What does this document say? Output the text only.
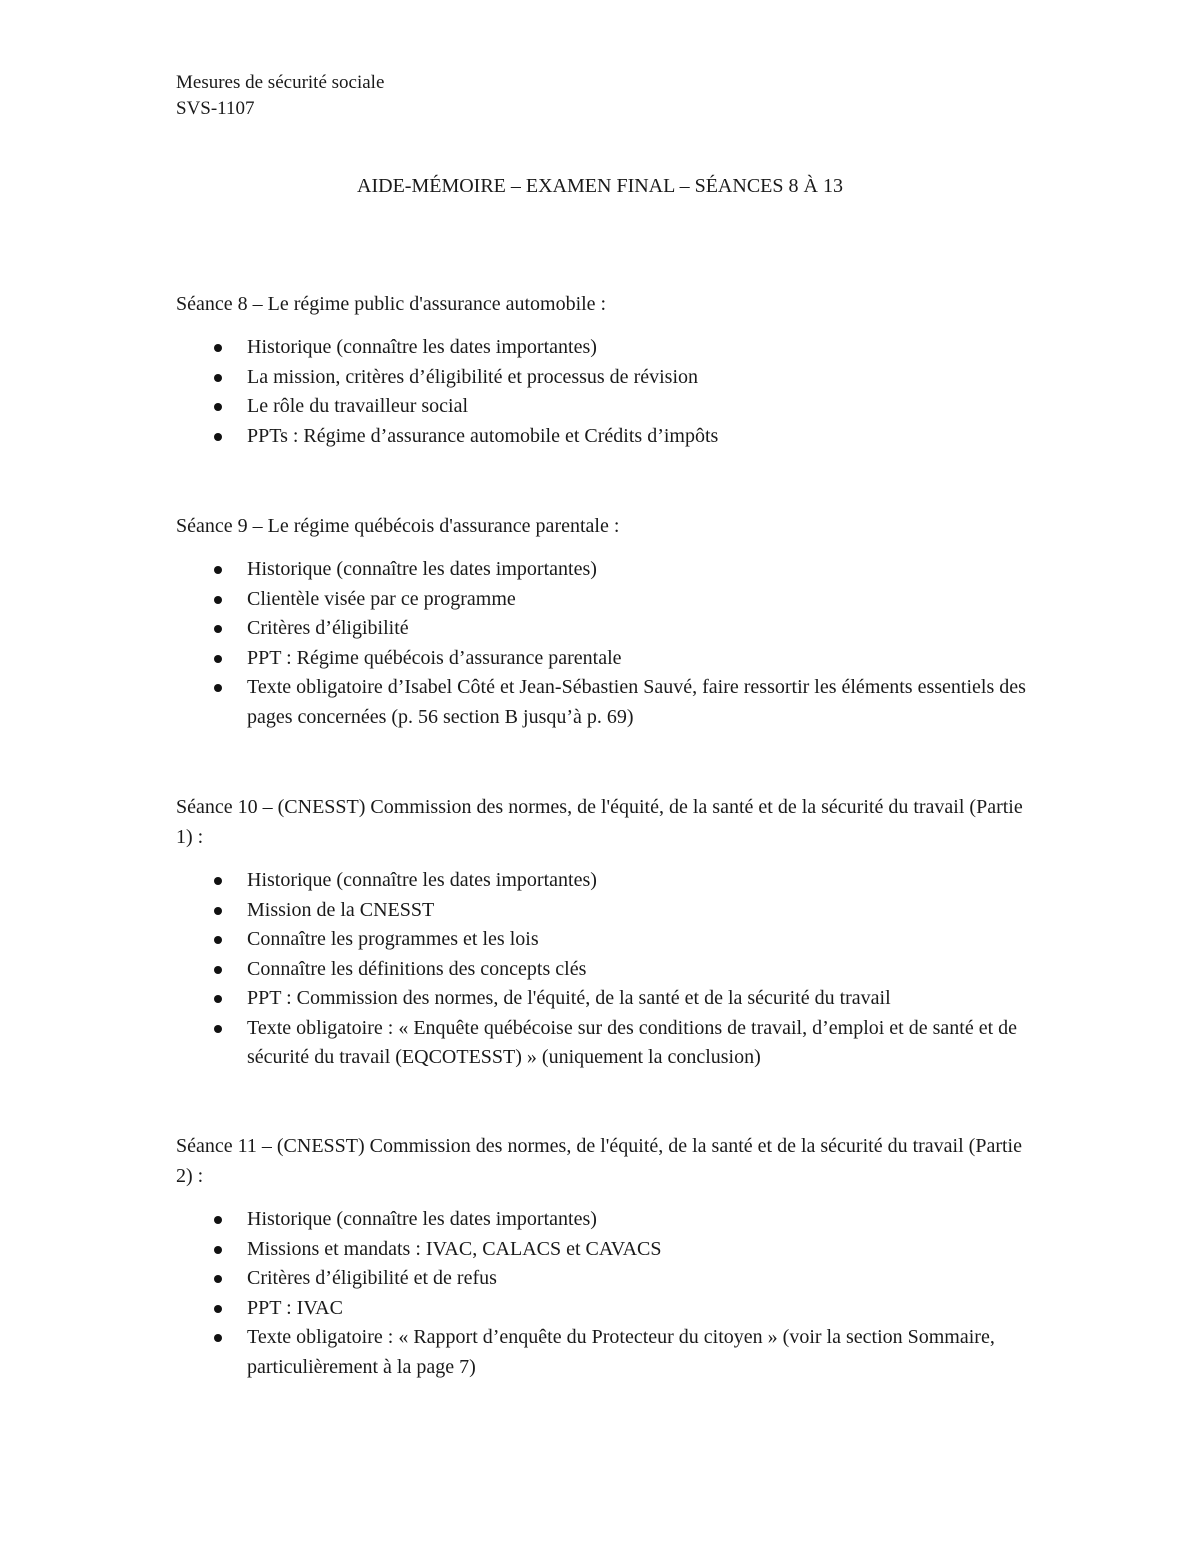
Mesures de sécurité sociale
SVS-1107
AIDE-MÉMOIRE – EXAMEN FINAL – SÉANCES 8 À 13
Séance 8 – Le régime public d'assurance automobile :
Historique (connaître les dates importantes)
La mission, critères d’éligibilité et processus de révision
Le rôle du travailleur social
PPTs : Régime d’assurance automobile et Crédits d’impôts
Séance 9 – Le régime québécois d'assurance parentale :
Historique (connaître les dates importantes)
Clientèle visée par ce programme
Critères d’éligibilité
PPT : Régime québécois d’assurance parentale
Texte obligatoire d’Isabel Côté et Jean-Sébastien Sauvé, faire ressortir les éléments essentiels des pages concernées (p. 56 section B jusqu’à p. 69)
Séance 10 – (CNESST) Commission des normes, de l'équité, de la santé et de la sécurité du travail (Partie 1) :
Historique (connaître les dates importantes)
Mission de la CNESST
Connaître les programmes et les lois
Connaître les définitions des concepts clés
PPT : Commission des normes, de l'équité, de la santé et de la sécurité du travail
Texte obligatoire : « Enquête québécoise sur des conditions de travail, d’emploi et de santé et de sécurité du travail (EQCOTESST) » (uniquement la conclusion)
Séance 11 – (CNESST) Commission des normes, de l'équité, de la santé et de la sécurité du travail (Partie 2) :
Historique (connaître les dates importantes)
Missions et mandats : IVAC, CALACS et CAVACS
Critères d’éligibilité et de refus
PPT : IVAC
Texte obligatoire : « Rapport d’enquête du Protecteur du citoyen » (voir la section Sommaire, particulièrement à la page 7)
